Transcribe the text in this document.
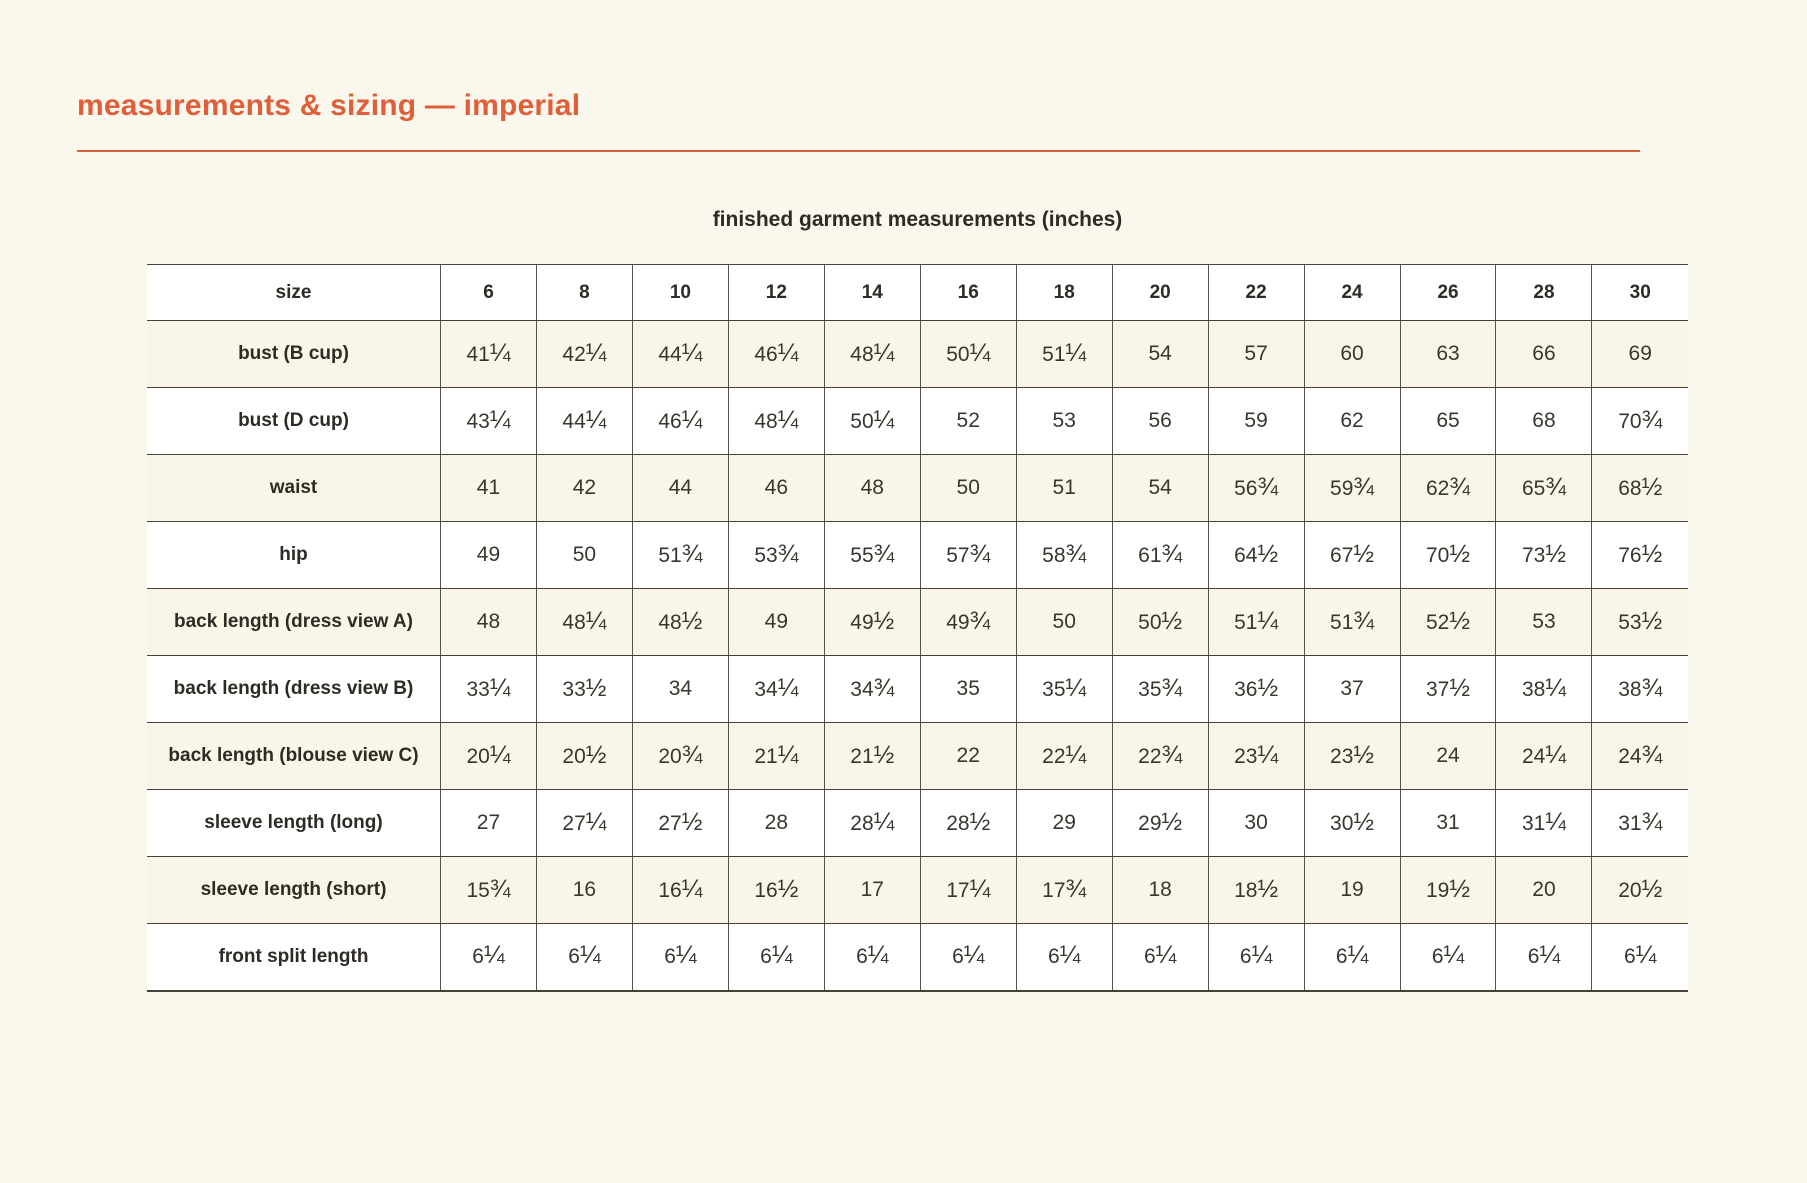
measurements & sizing — imperial
finished garment measurements (inches)
size	6	8	10	12	14	16	18	20	22	24	26	28	30
bust (B cup)	41¼	42¼	44¼	46¼	48¼	50¼	51¼	54	57	60	63	66	69
bust (D cup)	43¼	44¼	46¼	48¼	50¼	52	53	56	59	62	65	68	70¾
waist	41	42	44	46	48	50	51	54	56¾	59¾	62¾	65¾	68½
hip	49	50	51¾	53¾	55¾	57¾	58¾	61¾	64½	67½	70½	73½	76½
back length (dress view A)	48	48¼	48½	49	49½	49¾	50	50½	51¼	51¾	52½	53	53½
back length (dress view B)	33¼	33½	34	34¼	34¾	35	35¼	35¾	36½	37	37½	38¼	38¾
back length (blouse view C)	20¼	20½	20¾	21¼	21½	22	22¼	22¾	23¼	23½	24	24¼	24¾
sleeve length (long)	27	27¼	27½	28	28¼	28½	29	29½	30	30½	31	31¼	31¾
sleeve length (short)	15¾	16	16¼	16½	17	17¼	17¾	18	18½	19	19½	20	20½
front split length	6¼	6¼	6¼	6¼	6¼	6¼	6¼	6¼	6¼	6¼	6¼	6¼	6¼
